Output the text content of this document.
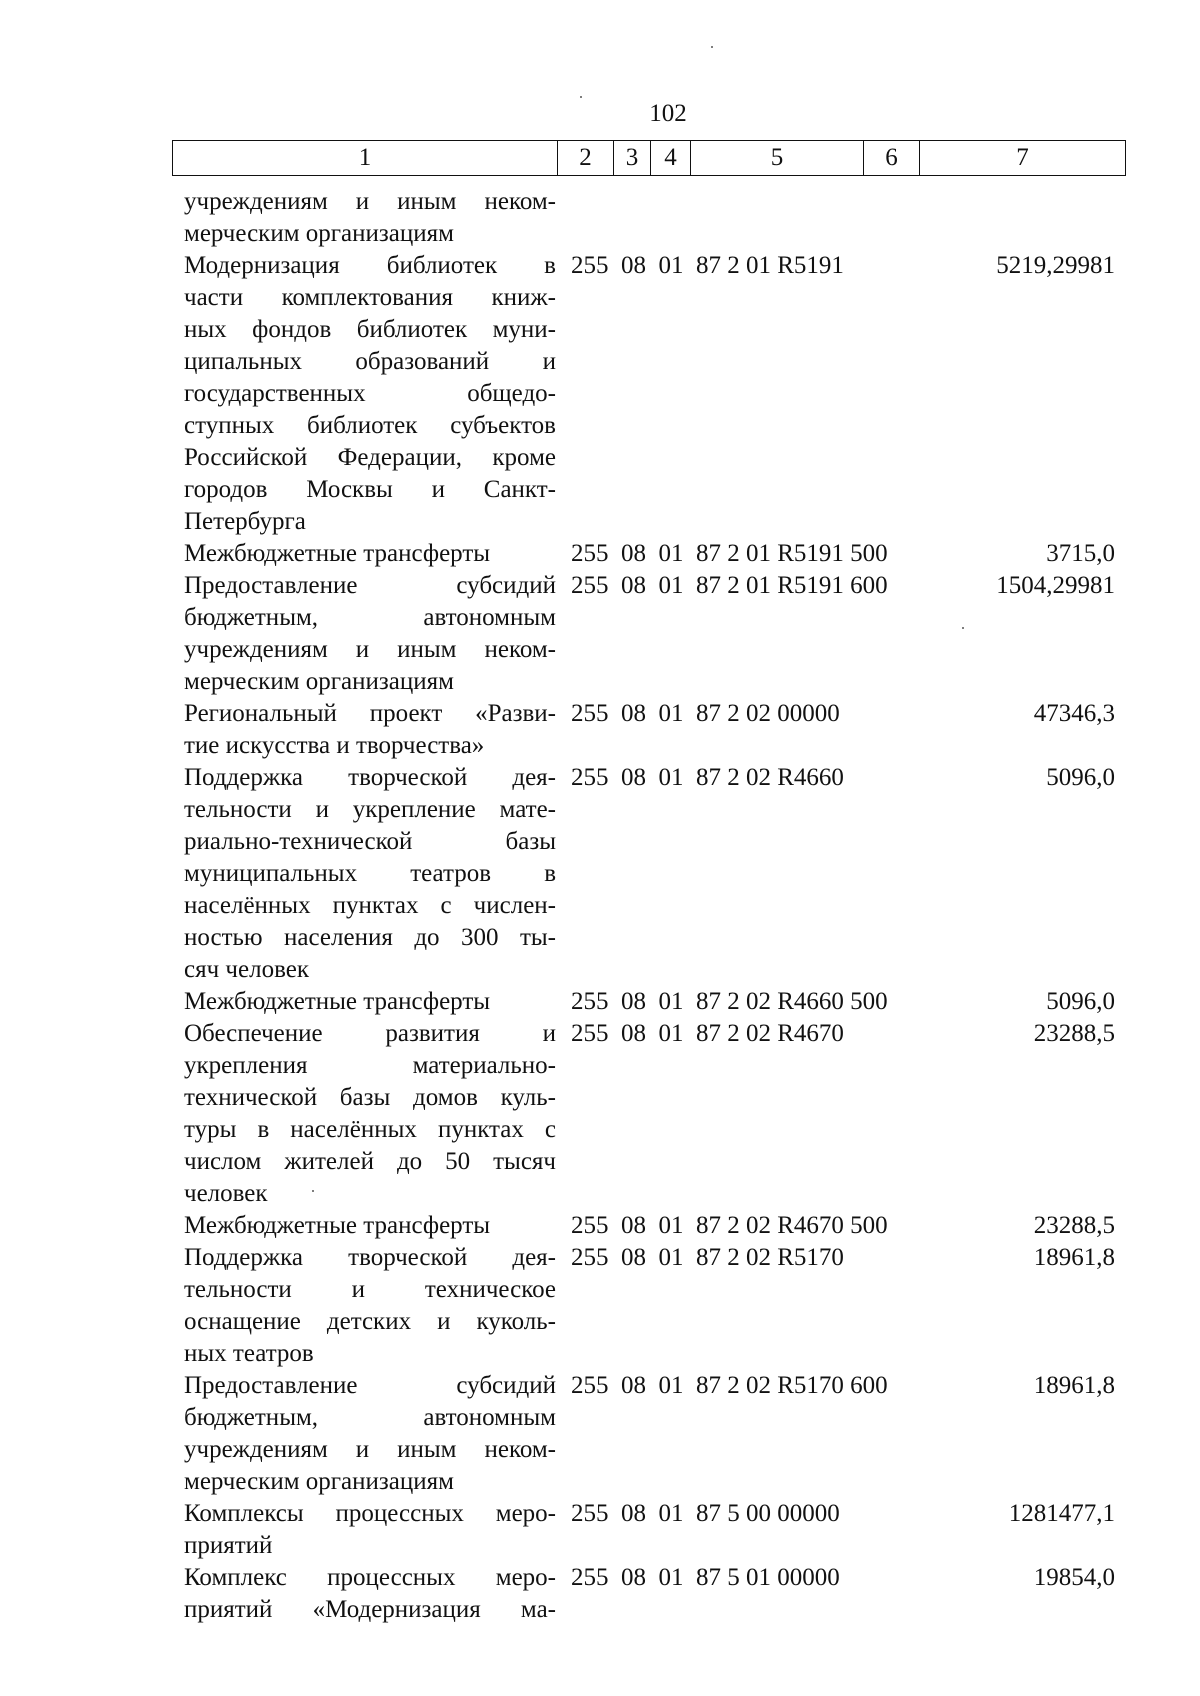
102
1	2	3	4	5	6	7
учреждениям и иным неком-
мерческим организациям
Модернизация библиотек в
части комплектования книж-
ных фондов библиотек муни-
ципальных образований и
государственных общедо-
ступных библиотек субъектов
Российской Федерации, кроме
городов Москвы и Санкт-
Петербурга
255  08  01  87 2 01 R5191	5219,29981
Межбюджетные трансферты	255  08  01  87 2 01 R5191 500	3715,0
Предоставление субсидий
бюджетным, автономным
учреждениям и иным неком-
мерческим организациям
255  08  01  87 2 01 R5191 600	1504,29981
Региональный проект «Разви-
тие искусства и творчества»
255  08  01  87 2 02 00000	47346,3
Поддержка творческой дея-
тельности и укрепление мате-
риально-технической базы
муниципальных театров в
населённых пунктах с числен-
ностью населения до 300 ты-
сяч человек
255  08  01  87 2 02 R4660	5096,0
Межбюджетные трансферты	255  08  01  87 2 02 R4660 500	5096,0
Обеспечение развития и
укрепления материально-
технической базы домов куль-
туры в населённых пунктах с
числом жителей до 50 тысяч
человек
255  08  01  87 2 02 R4670	23288,5
Межбюджетные трансферты	255  08  01  87 2 02 R4670 500	23288,5
Поддержка творческой дея-
тельности и техническое
оснащение детских и куколь-
ных театров
255  08  01  87 2 02 R5170	18961,8
Предоставление субсидий
бюджетным, автономным
учреждениям и иным неком-
мерческим организациям
255  08  01  87 2 02 R5170 600	18961,8
Комплексы процессных меро-
приятий
255  08  01  87 5 00 00000	1281477,1
Комплекс процессных меро-
приятий «Модернизация ма-
255  08  01  87 5 01 00000	19854,0
